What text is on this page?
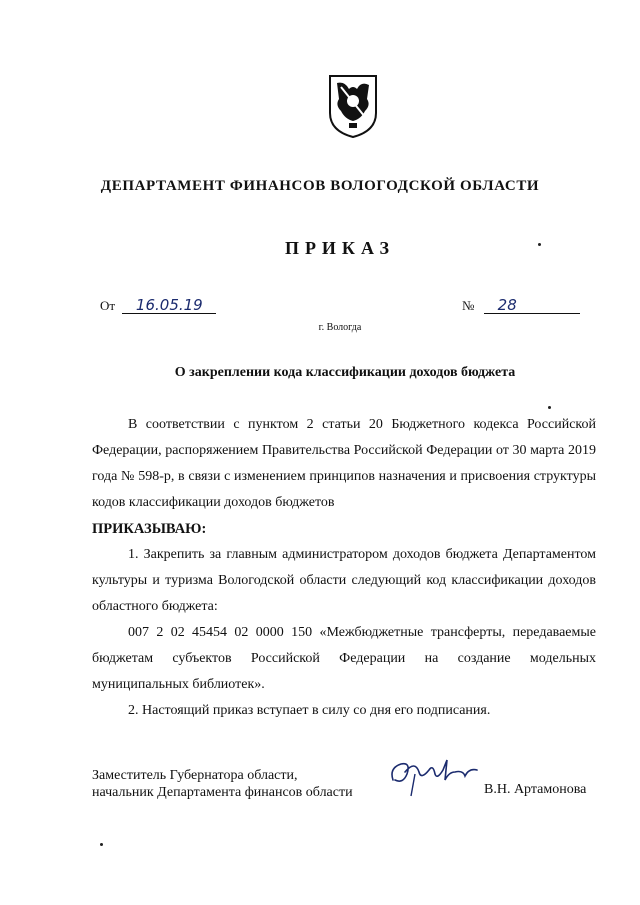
ДЕПАРТАМЕНТ ФИНАНСОВ ВОЛОГОДСКОЙ ОБЛАСТИ
ПРИКАЗ
От 16.05.19	№ 28
г. Вологда
О закреплении кода классификации доходов бюджета

В соответствии с пунктом 2 статьи 20 Бюджетного кодекса Российской Федерации, распоряжением Правительства Российской Федерации от 30 марта 2019 года № 598-р, в связи с изменением принципов назначения и присвоения структуры кодов классификации доходов бюджетов

ПРИКАЗЫВАЮ:

1. Закрепить за главным администратором доходов бюджета Департаментом культуры и туризма Вологодской области следующий код классификации доходов областного бюджета:

007 2 02 45454 02 0000 150 «Межбюджетные трансферты, передаваемые бюджетам субъектов Российской Федерации на создание модельных муниципальных библиотек».

2. Настоящий приказ вступает в силу со дня его подписания.

Заместитель Губернатора области,
начальник Департамента финансов области	В.Н. Артамонова
